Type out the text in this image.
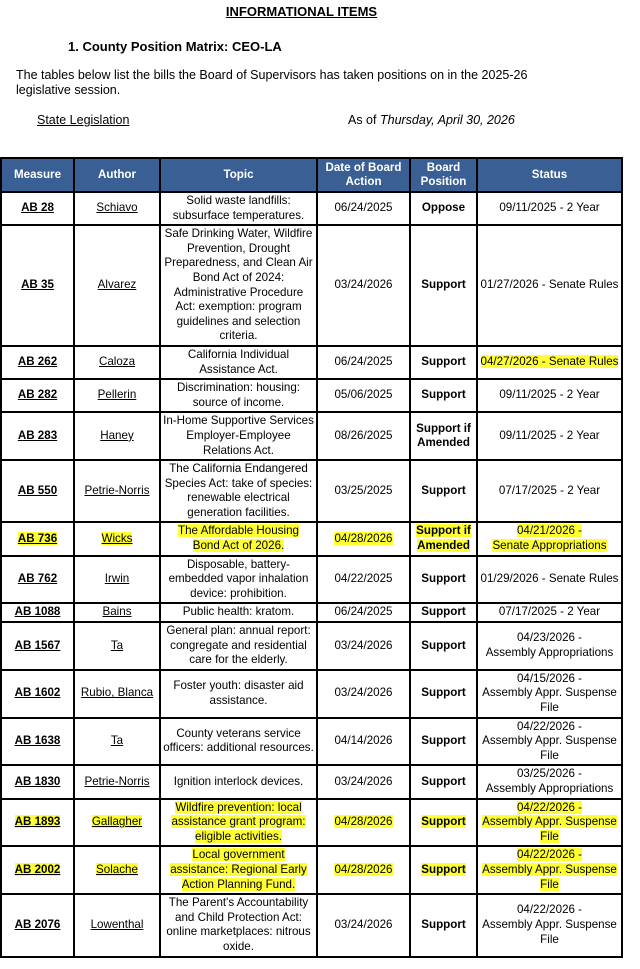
INFORMATIONAL ITEMS
1. County Position Matrix: CEO-LA
The tables below list the bills the Board of Supervisors has taken positions on in the 2025-26 legislative session.
State Legislation	As of Thursday, April 30, 2026
Measure	Author	Topic	Date of Board Action	Board Position	Status
AB 28	Schiavo	Solid waste landfills: subsurface temperatures.	06/24/2025	Oppose	09/11/2025 - 2 Year
AB 35	Alvarez	Safe Drinking Water, Wildfire Prevention, Drought Preparedness, and Clean Air Bond Act of 2024: Administrative Procedure Act: exemption: program guidelines and selection criteria.	03/24/2026	Support	01/27/2026 - Senate Rules
AB 262	Caloza	California Individual Assistance Act.	06/24/2025	Support	04/27/2026 - Senate Rules
AB 282	Pellerin	Discrimination: housing: source of income.	05/06/2025	Support	09/11/2025 - 2 Year
AB 283	Haney	In-Home Supportive Services Employer-Employee Relations Act.	08/26/2025	Support if Amended	09/11/2025 - 2 Year
AB 550	Petrie-Norris	The California Endangered Species Act: take of species: renewable electrical generation facilities.	03/25/2025	Support	07/17/2025 - 2 Year
AB 736	Wicks	The Affordable Housing Bond Act of 2026.	04/28/2026	Support if Amended	04/21/2026 -
Senate Appropriations
AB 762	Irwin	Disposable, battery-embedded vapor inhalation device: prohibition.	04/22/2025	Support	01/29/2026 - Senate Rules
AB 1088	Bains	Public health: kratom.	06/24/2025	Support	07/17/2025 - 2 Year
AB 1567	Ta	General plan: annual report: congregate and residential care for the elderly.	03/24/2026	Support	04/23/2026 -
Assembly Appropriations
AB 1602	Rubio, Blanca	Foster youth: disaster aid assistance.	03/24/2026	Support	04/15/2026 -
Assembly Appr. Suspense File
AB 1638	Ta	County veterans service officers: additional resources.	04/14/2026	Support	04/22/2026 -
Assembly Appr. Suspense File
AB 1830	Petrie-Norris	Ignition interlock devices.	03/24/2026	Support	03/25/2026 -
Assembly Appropriations
AB 1893	Gallagher	Wildfire prevention: local assistance grant program: eligible activities.	04/28/2026	Support	04/22/2026 -
Assembly Appr. Suspense File
AB 2002	Solache	Local government assistance: Regional Early Action Planning Fund.	04/28/2026	Support	04/22/2026 -
Assembly Appr. Suspense File
AB 2076	Lowenthal	The Parent's Accountability and Child Protection Act: online marketplaces: nitrous oxide.	03/24/2026	Support	04/22/2026 -
Assembly Appr. Suspense File
